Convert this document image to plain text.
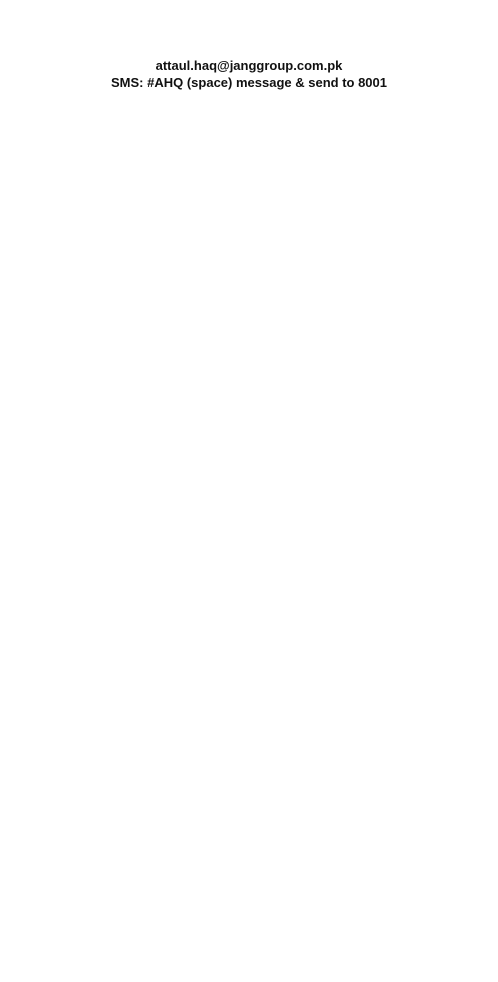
attaul.haq@janggroup.com.pk
SMS: #AHQ (space) message & send to 8001
